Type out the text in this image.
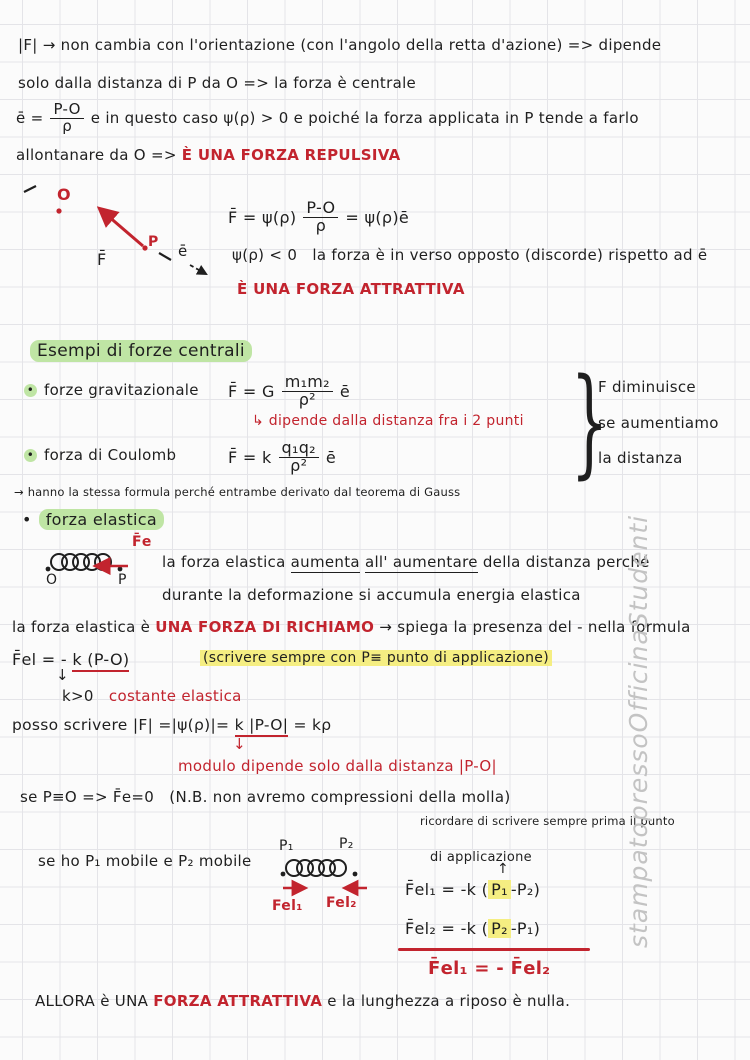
|F| → non cambia con l'orientazione (con l'angolo della retta d'azione) => dipende
solo dalla distanza di P da O => la forza è centrale
ē = $\frac{P-O}{\rho}$ e in questo caso ψ(ρ) > 0 e poiché la forza applicata in P tende a farlo
allontanare da O => È UNA FORZA REPULSIVA
O
F̄
P ē
F̄ = $\psi(\rho) \frac{P-O}{\rho}$ = ψ(ρ)ē
ψ(ρ) < 0 la forza è in verso opposto (discorde) rispetto ad ē
È UNA FORZA ATTRATTIVA
Esempi di forze centrali
• forze gravitazionale F̄ = G $\frac{\text{m₁m₂}}{\text{ρ²}}$ ē
↳ dipende dalla distanza fra i 2 punti
• forza di Coulomb	F̄ = k $\frac{\text{q₁q₂}}{\text{ρ²}}$ ē }
F diminuisce
se aumentiamo
la distanza
→ hanno la stessa formula perché entrambe derivato dal teorema di Gauss
• forza elastica
F̄e
O	P
la forza elastica aumenta all' aumentare della distanza perché
durante la deformazione si accumula energia elastica
la forza elastica è UNA FORZA DI RICHIAMO → spiega la presenza del - nella formula
F̄el = - k (P-O)
↓
(scrivere sempre con P≡ punto di applicazione)
k>0 costante elastica
posso scrivere |F| =|ψ(ρ)|= k |P-O| = kρ
↓
modulo dipende solo dalla distanza |P-O|
se P≡O => F̄e=0 (N.B. non avremo compressioni della molla)
ricordare di scrivere sempre prima il punto
se ho P₁ mobile e P₂ mobile
P₁	P₂
Fel₁ Fel₂
di applicazione
↑
F̄el₁ = -k ( P₁ -P₂)
F̄el₂ = -k ( P₂ -P₁)
F̄el₁ = - F̄el₂
ALLORA è UNA FORZA ATTRATTIVA e la lunghezza a riposo è nulla.
stampatopressoOfficinaStudenti
